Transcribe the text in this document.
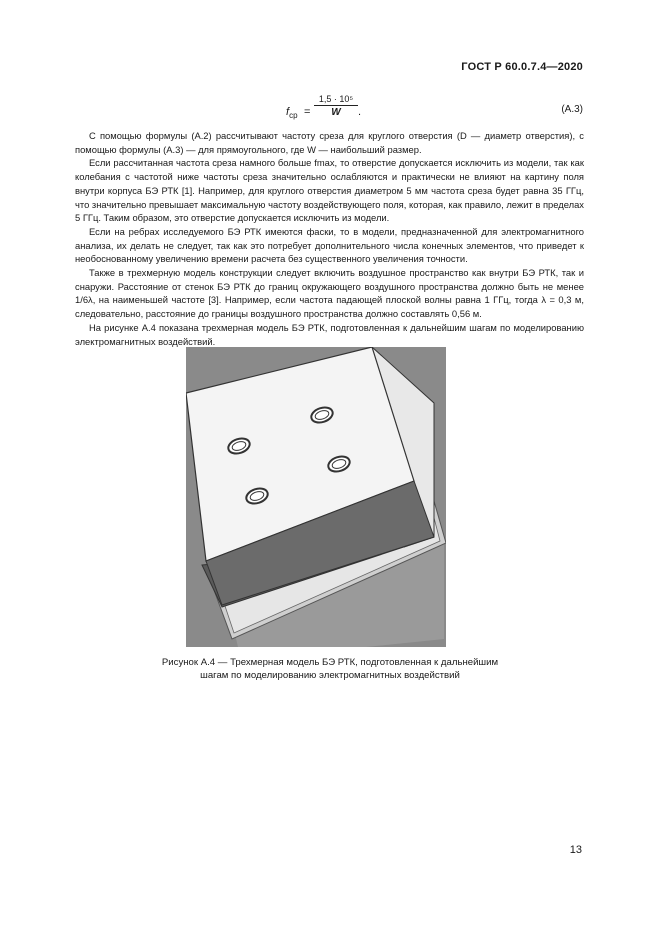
ГОСТ Р 60.0.7.4—2020
$f_{ср} = \frac{\text{1,5 · 10⁵}}{W}$ .	(А.3)

С помощью формулы (А.2) рассчитывают частоту среза для круглого отверстия (D — диаметр отверстия), с помощью формулы (А.3) — для прямоугольного, где W — наибольший размер.

Если рассчитанная частота среза намного больше fmax, то отверстие допускается исключить из модели, так как колебания с частотой ниже частоты среза значительно ослабляются и практически не влияют на картину поля внутри корпуса БЭ РТК [1]. Например, для круглого отверстия диаметром 5 мм частота среза будет равна 35 ГГц, что значительно превышает максимальную частоту воздействующего поля, которая, как правило, лежит в пределах 5 ГГц. Таким образом, это отверстие допускается исключить из модели.

Если на ребрах исследуемого БЭ РТК имеются фаски, то в модели, предназначенной для электромагнитного анализа, их делать не следует, так как это потребует дополнительного числа конечных элементов, что приведет к необоснованному увеличению времени расчета без существенного увеличения точности.

Также в трехмерную модель конструкции следует включить воздушное пространство как внутри БЭ РТК, так и снаружи. Расстояние от стенок БЭ РТК до границ окружающего воздушного пространства должно быть не менее 1/6λ, на наименьшей частоте [3]. Например, если частота падающей плоской волны равна 1 ГГц, тогда λ = 0,3 м, следовательно, расстояние до границы воздушного пространства должно составлять 0,56 м.

На рисунке А.4 показана трехмерная модель БЭ РТК, подготовленная к дальнейшим шагам по моделированию электромагнитных воздействий.

Рисунок А.4 — Трехмерная модель БЭ РТК, подготовленная к дальнейшим
шагам по моделированию электромагнитных воздействий
13
